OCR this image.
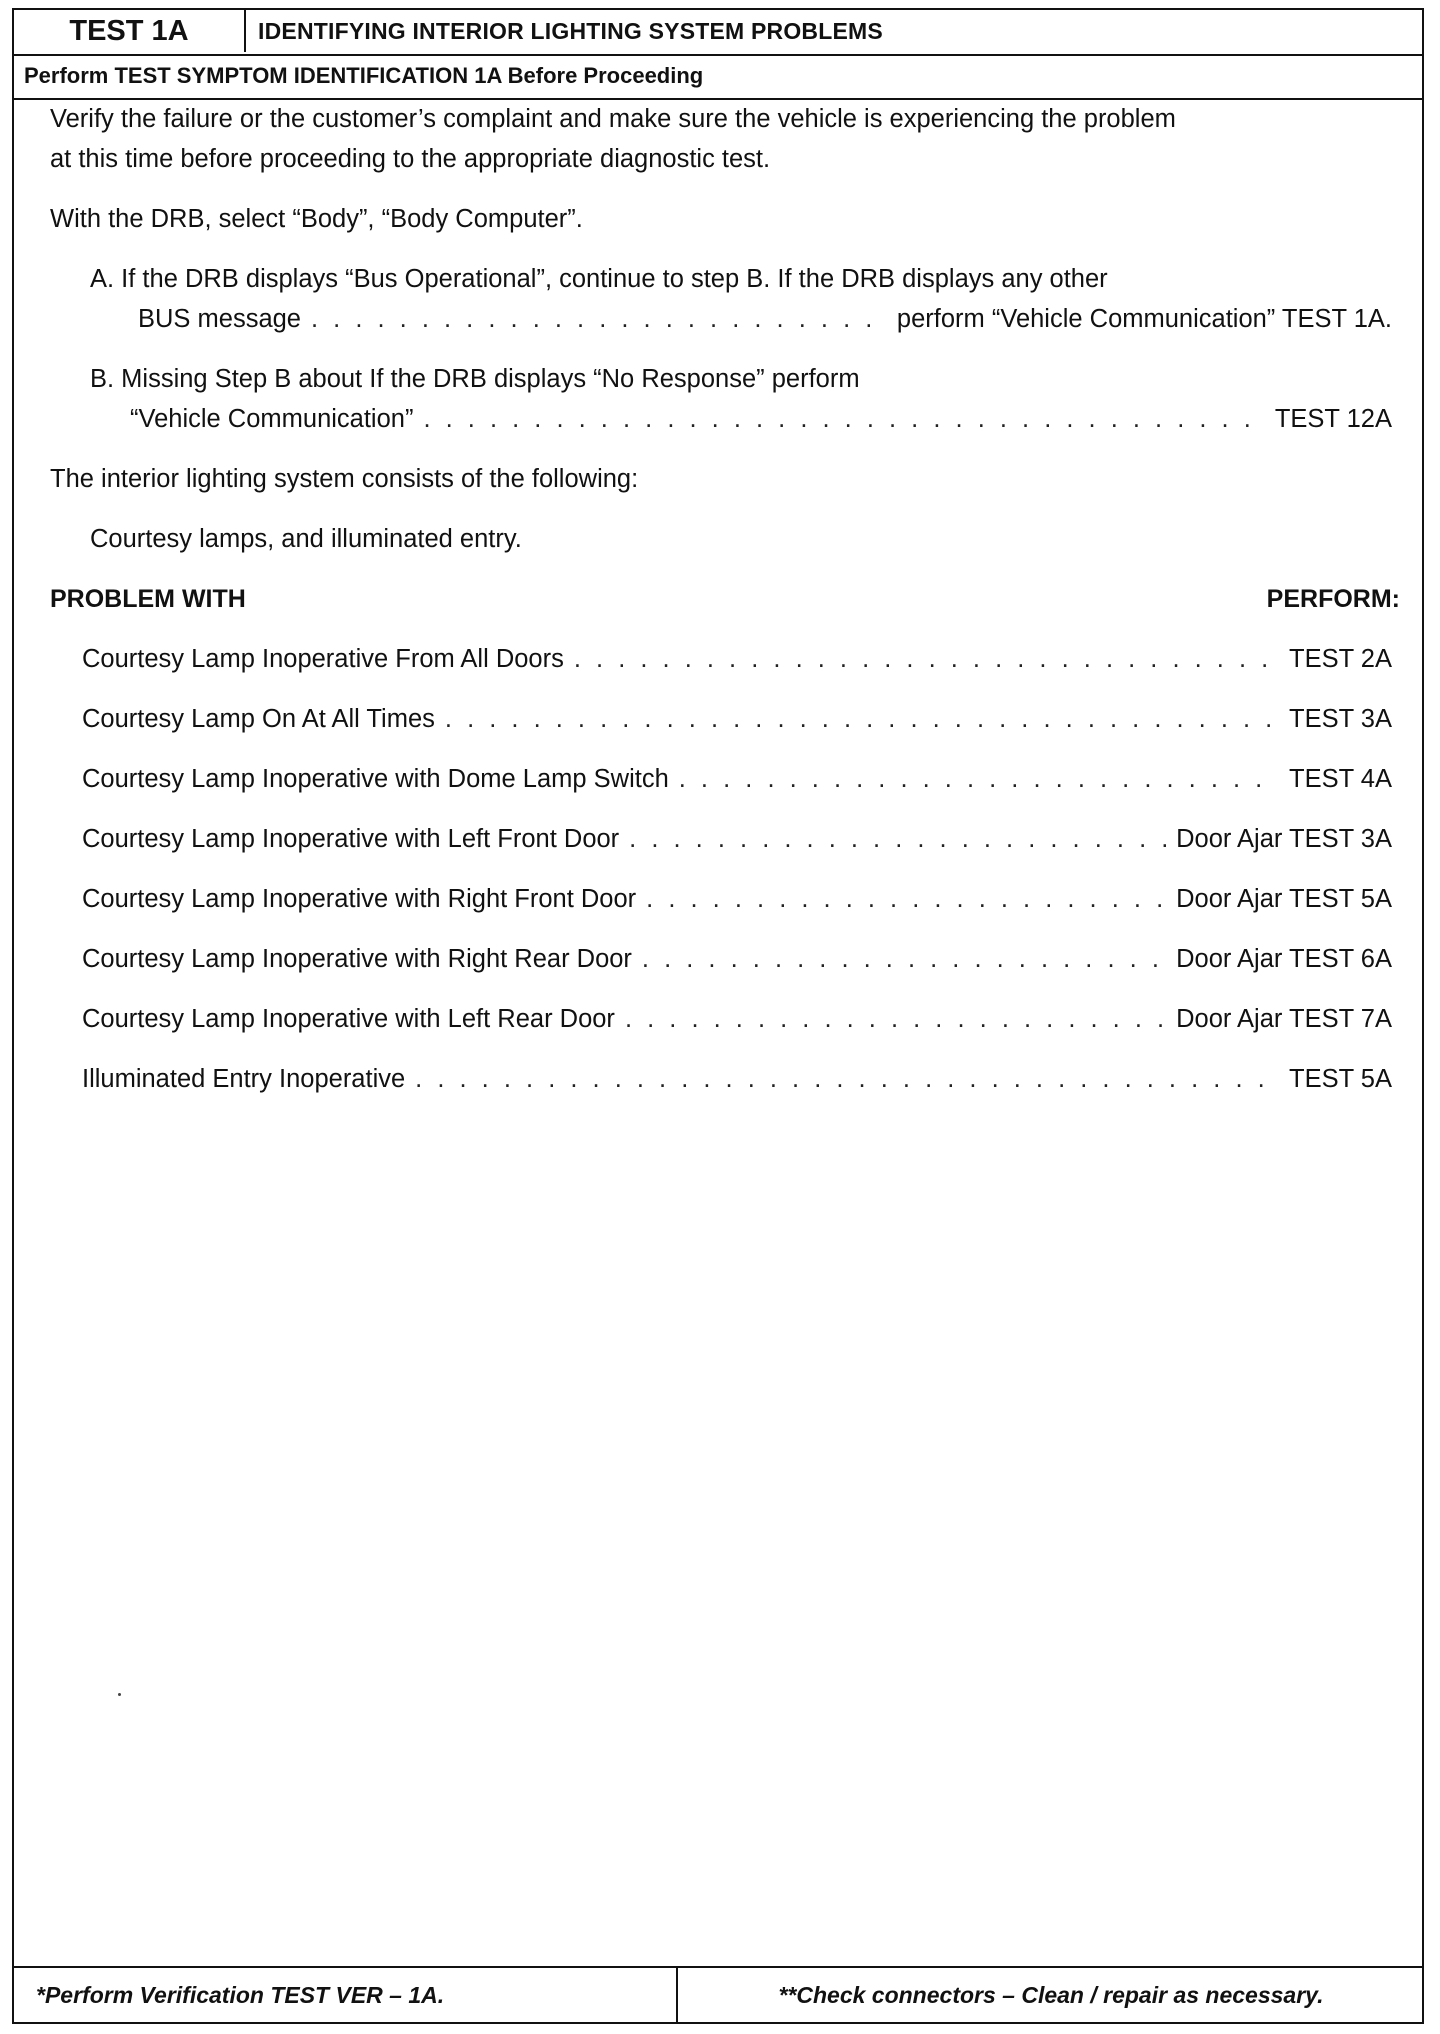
TEST 1A	IDENTIFYING INTERIOR LIGHTING SYSTEM PROBLEMS
Perform TEST SYMPTOM IDENTIFICATION 1A Before Proceeding

Verify the failure or the customer’s complaint and make sure the vehicle is experiencing the problem

at this time before proceeding to the appropriate diagnostic test.

With the DRB, select “Body”, “Body Computer”.

A. If the DRB displays “Bus Operational”, continue to step B. If the DRB displays any other
BUS message . . .	perform “Vehicle Communication” TEST 1A.
B. Missing Step B about If the DRB displays “No Response” perform
“Vehicle Communication” . . .	TEST 12A

The interior lighting system consists of the following:

Courtesy lamps, and illuminated entry.
PROBLEM WITH	PERFORM:
Courtesy Lamp Inoperative From All Doors . . .	TEST 2A
Courtesy Lamp On At All Times . . .	TEST 3A
Courtesy Lamp Inoperative with Dome Lamp Switch . . .	TEST 4A
Courtesy Lamp Inoperative with Left Front Door . . .	Door Ajar TEST 3A
Courtesy Lamp Inoperative with Right Front Door . . .	Door Ajar TEST 5A
Courtesy Lamp Inoperative with Right Rear Door . . .	Door Ajar TEST 6A
Courtesy Lamp Inoperative with Left Rear Door . . .	Door Ajar TEST 7A
Illuminated Entry Inoperative . . .	TEST 5A
*Perform Verification TEST VER – 1A.	**Check connectors – Clean / repair as necessary.
